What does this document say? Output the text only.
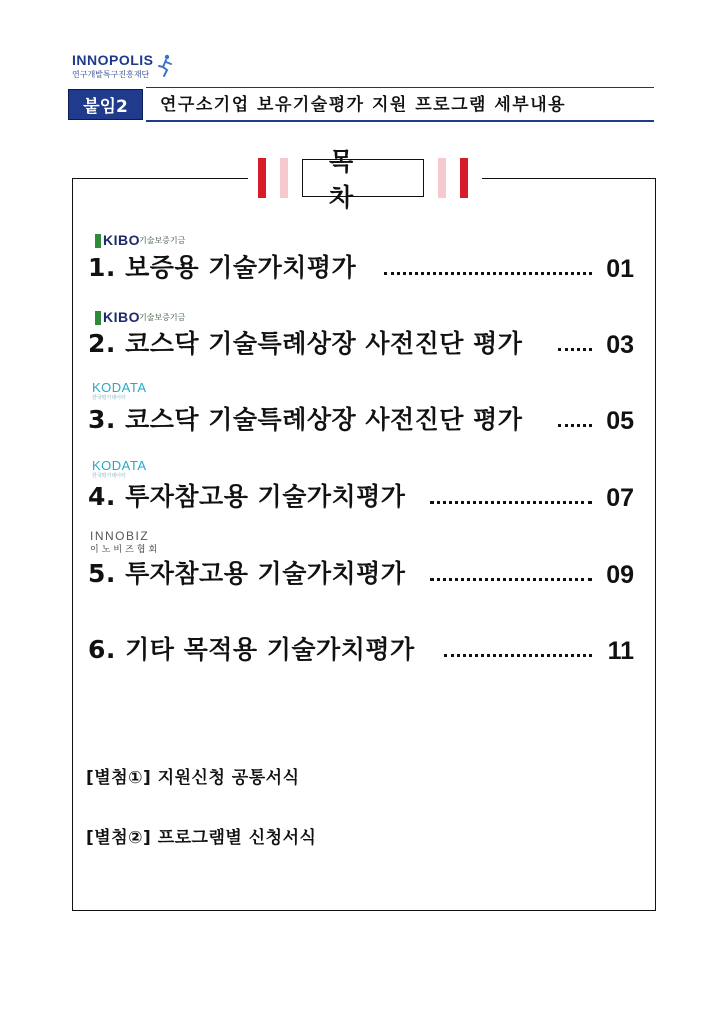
INNOPOLIS
연구개발특구진흥재단
붙임2	연구소기업 보유기술평가 지원 프로그램 세부내용
목차
KIBO 기술보증기금
1. 보증용 기술가치평가	01
KIBO 기술보증기금
2. 코스닥 기술특례상장 사전진단 평가	03
KODATA
한국평가데이터
3. 코스닥 기술특례상장 사전진단 평가	05
KODATA
한국평가데이터
4. 투자참고용 기술가치평가	07
INNOBIZ
이노비즈협회
5. 투자참고용 기술가치평가	09
6. 기타 목적용 기술가치평가	11
[별첨①] 지원신청 공통서식
[별첨②] 프로그램별 신청서식
